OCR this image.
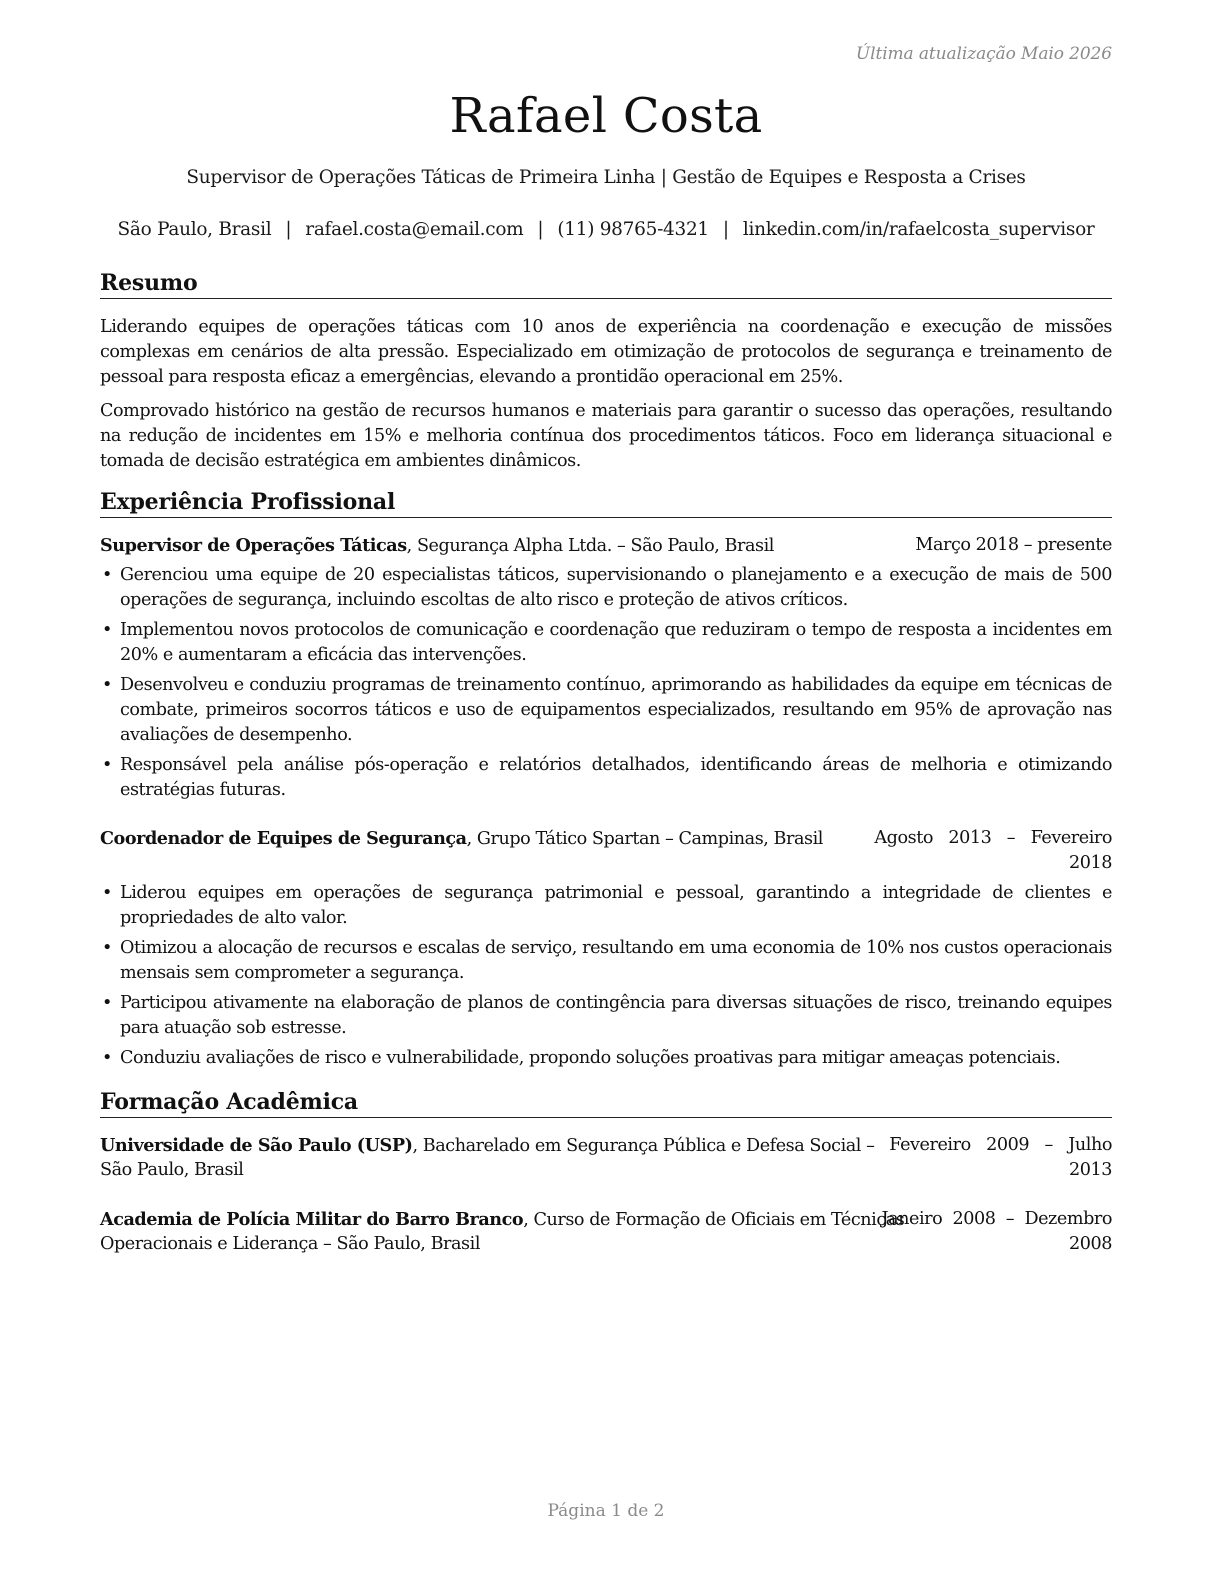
Última atualização Maio 2026
Rafael Costa
Supervisor de Operações Táticas de Primeira Linha | Gestão de Equipes e Resposta a Crises
São Paulo, Brasil | rafael.costa@email.com | (11) 98765-4321 | linkedin.com/in/rafaelcosta_supervisor
Resumo
Liderando equipes de operações táticas com 10 anos de experiência na coordenação e execução de missões complexas em cenários de alta pressão. Especializado em otimização de protocolos de segurança e treinamento de pessoal para resposta eficaz a emergências, elevando a prontidão operacional em 25%.
Comprovado histórico na gestão de recursos humanos e materiais para garantir o sucesso das operações, resultando na redução de incidentes em 15% e melhoria contínua dos procedimentos táticos. Foco em liderança situacional e tomada de decisão estratégica em ambientes dinâmicos.
Experiência Profissional
Supervisor de Operações Táticas, Segurança Alpha Ltda. – São Paulo, Brasil	Março 2018 – presente
• Gerenciou uma equipe de 20 especialistas táticos, supervisionando o planejamento e a execução de mais de 500 operações de segurança, incluindo escoltas de alto risco e proteção de ativos críticos.
• Implementou novos protocolos de comunicação e coordenação que reduziram o tempo de resposta a incidentes em 20% e aumentaram a eficácia das intervenções.
• Desenvolveu e conduziu programas de treinamento contínuo, aprimorando as habilidades da equipe em técnicas de combate, primeiros socorros táticos e uso de equipamentos especializados, resultando em 95% de aprovação nas avaliações de desempenho.
• Responsável pela análise pós-operação e relatórios detalhados, identificando áreas de melhoria e otimizando estratégias futuras.
Coordenador de Equipes de Segurança, Grupo Tático Spartan – Campinas, Brasil	Agosto   2013   –   Fevereiro
2018
• Liderou equipes em operações de segurança patrimonial e pessoal, garantindo a integridade de clientes e propriedades de alto valor.
• Otimizou a alocação de recursos e escalas de serviço, resultando em uma economia de 10% nos custos operacionais mensais sem comprometer a segurança.
• Participou ativamente na elaboração de planos de contingência para diversas situações de risco, treinando equipes para atuação sob estresse.
• Conduziu avaliações de risco e vulnerabilidade, propondo soluções proativas para mitigar ameaças potenciais.
Formação Acadêmica
Universidade de São Paulo (USP), Bacharelado em Segurança Pública e Defesa Social –
São Paulo, Brasil
Fevereiro   2009   –   Julho
2013
Academia de Polícia Militar do Barro Branco, Curso de Formação de Oficiais em Técnicas
Operacionais e Liderança – São Paulo, Brasil
Janeiro  2008  –  Dezembro
2008
Página 1 de 2
